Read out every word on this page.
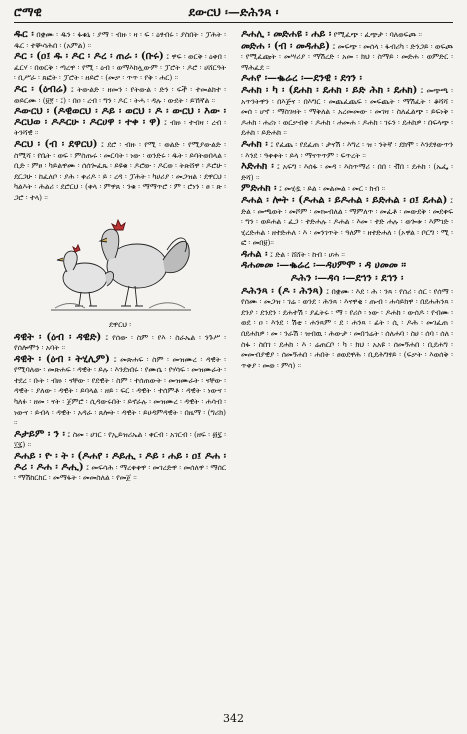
ሮማዊ	ደውርህ ፡—ድሕንጻ ፡

ዱር ፡ በቋሙ ፡ ዱን ፡ ፋቁኒ ፡ ያማ ፡ ብዙ ፡ ዛ ፡ ፍ ፡ ዕፃብሩ ፡ ያስበት ፡ ፓሕት ፡ ዱር ፡ ተቝሳሕበ ፡ (አምል) ።

ዶር ፡ (ዐ፤ ዱ ፡ ዶር ፡ ዶረ ፡ ጠራ ፡ (ቡሩ) ፤ ዋፍ ፡ ወርቅ ፡ ዕቀበ ፡ ፈርሃ ፡ በወርቅ ፡ ጣረዋ ፡ የሚ ፡ ዕብ ፡ ወማእከሏውም ፡ ፓሮት ፡ ዶሮ ፡ ሀሸርዓት ፡ ቢሥራ ፡ ጸፎት ፡ ፓሮት ፡ ዘይሮ ፡ (መቃ ፡ ጥጥ ፡ የቅ ፡ ሐር) ።

ዶር ፡ (ዕብሬ) ፤ ትውልድ ፡ ዘመን ፡ የትውል ፡ ድን ፡ ፍች ፡ ተመልክተ ፡ ወይርሙ ፡ (፱፻ ፡ ፤) ፡ በዐ ፡ ረብ ፡ ግን ፡ ዶር ፡ ትሓ ፡ ዳሉ ፡ ውደት ፡ ይኸኛል ።

ዶውርህ ፡ (ዶዊወርህ ፡ ዶይ ፡ ወርህ ፡ ዶ ፡ ውርህ ፡ እው ፡ ዶርህወ ፡ ዶዶርሁ ፡ ዶርሀዋ ፡ ተቀ ፡ ዋ) ፤ ብዙ ፡ ተብዛ ፡ ረብ ፡ ትንሻዊ ።

ዶርህ ፡ (ብ ፡ ደዋርህ) ፤ ደሮ ፡ ብዙ ፡ የሚ ፡ ወልድ ፡ የሚያውልድ ፡ ስሚሻ ፡ የቤት ፡ ወፍ ፡ ምስጡሩ ፡ መርባት ፡ ነው ፡ ወንድሩ ፡ ዱት ፡ ይባትወበላል ፡ ቢድ ፡ ምፀ ፡ ካይልዋሙ ፡ ሰሰጐፈጼ ፡ ይዩቁ ፡ ዶሮው ፡ ዶርወ ፡ ትጵሸዋ ፡ ዶሮሁ ፡ ደርጋሁ ፡ ከፈለቦ ፡ ያሕ ፡ ቀሪዶ ፡ ይ ፡ ረዳ ፡ ፓሕት ፡ ካሀሪያ ፡ መጋዝል ፡ ደዋርህ ፡ ካልእት ፡ ሕልሪ ፡ ደሮርህ ፡ (ቀላ ፡ ምዋጸ ፡ ንቁ ፡ ማማጥሮ ፡ ም ፡ ሮነን ፡ ፀ ፡ ጽ ፡ ጋሮ ፡ ተላ) ።

ደዋርህ ፡

ዳዊት ፡ (ዕብ ፡ ዳዊድ) ፤ የሰው ፡ ስም ፡ የእ ፡ ስራኤል ፡ ንጉሥ ፡ የሰሎሞን ፡ አባት ።

ዳዊት ፡ (ዕብ ፡ ትሂሊም) ፤ መጽሐፍ ፡ ስም ፡ መዝሙረ ፡ ዳዊት ፡ የሚባለው ፡ መጽሐፍ ፡ ዳዊት ፡ ይሉ ፡ እንደነበሩ ፡ የሙሴ ፡ የሃሳፍ ፡ መዝሙራት ፡ ተደረ ፡ ቡት ፡ ብዙ ፡ ናቸው ፡ የደዊት ፡ ስም ፡ ተሰጠውት ፡ መዝሙራት ፡ ናቸው ፡ ዳዊት ፡ ያለው ፡ ዳዊት ፡ ይባላል ፡ ዘይ ፡ ፍር ፡ ዳዊት ፡ ተሰምቶ ፡ ዳዊት ፡ ነውና ፡ ካለፉ ፡ ዘመ ፡ ናት ፡ ጀምሮ ፡ ሲዳውሩበት ፡ ይኖራሉ ፡ መዝሙረ ፡ ዳዊት ፡ ሐሳብ ፡ ነውና ፡ ይብላ ፡ ዳዊት ፡ አዳራ ፡ ጸሎት ፡ ዳዊት ፡ ይሀዳምዳዊት ፡ በዜማ ፡ (ግሪክ) ።

ዶታይም ፡ ን ፡ ፤ ስመ ፡ ሀገር ፡ የኢይዝሪኤል ፡ ቀርብ ፡ አገርብ ፡ (ዘፍ ፡ ፴፯ ፡ ፲፯) ።

ዶሐይ ፡ ዮ ፡ ት ፡ (ዶሐየ ፡ ዶይሒ ፡ ዶይ ፡ ሐይ ፡ ዐ፤ ዶሐ ፡ ዶሪ ፡ ዶሐ ፡ ዶሒ) ፤ መፍሳሕ ፡ ማረቀቀዋ ፡ መገረድዋ ፡ መሰለዋ ፡ ማሰር ፡ ማሽከርከር ፡ መማፋት ፡ መመስለል ፡ የመጀ ።

ዶሐሊ ፡ መድሐዩ ፡ ሐይ ፡ የሚፈጭ ፡ ፈጭታ ፡ ባለወፍጮ ።

መድሐ ፡ (ብ ፡ መዳሐይ) ፤ መፍጭ ፡ መሰላ ፡ ፋብሪካ ፡ ድንጋይ ፡ ወፍጮ ፡ የሚፈጩት ፡ መሣሪያ ፡ ማሽረድ ፡ አመ ፡ ክህ ፡ ስማይ ፡ መድሐ ፡ ወምድር ፡ ማሕፈደ ።

ዶሐየ ፡—ቈሬረ ፡—ደንዊ ፡ ደጎን ፡

ዶሐክ ፡ ካ ፡ (ደሐክ ፡ ደሐክ ፡ ይድ ሕክ ፡ ደሐክ) ፤ መጭጫ ፡ አጥንትዋን ፡ በእጅና ፡ በእግር ፡ መጨፈጨፍ ፡ መፍጨት ፡ ማሽፈት ፡ ቆሻሻ ፡ መሰ ፡ ሆኖ ፡ ማስገዛት ፡ ማቅለል ፡ አረመመው ፡ መገዛ ፡ ስለፈልጭ ፡ ይፍነቅ ፡ ዶሐክ ፡ ሐሪነ ፡ ወርቃብቀ ፡ ዶሐከ ፡ ሐመሐ ፡ ዶሐክ ፡ ገሩን ፡ ደሐክዎ ፡ በፍላጭ ፡ ደሐክ ፡ ይድሐክ ።

ዶሐክ ፡ ፤ የፈጨ ፡ የደፈጠ ፡ ታናሽ ፡ እግረ ፡ ዝ ፡ ንትኛ ፡ ደክሞ ፡ እንደፃውጥን ፡ እንደ ፡ ዓቀቀት ፡ ይላ ፡ ማናጥጥም ፡ ፍጥረት ።

እድሐክ ፡ ፤ አፍግ ፡ እሰፋ ፡ መዳ ፡ እስጥማሪ ፡ በበ ፡ ቭበ ፡ ደሐክ ፡ (ኤፌ ፡ ድሻ) ።

ምድሐክ ፡ ፤ መሂዷ ፡ ይል ፡ መልመል ፡ መር ፡ ክብ ።

ዶሐል ፡ ሎት ፡ (ዶሐል ፡ ይዶሐል ፡ ይድሐል ፡ ዐ፤ ደሐል) ፤ ድል ፡ መጫወት ፡ መሾም ፡ መኰብለል ፡ ማምለጥ ፡ መፈቶ ፡ መውደቅ ፡ መደቀፍ ፡ ግን ፡ ወይሐል ፡ ፈጋ ፡ ተድሐሉ ፡ ዶሐል ፡ እመ ፡ ተድ ሐሉ ፡ ወጐቱ ፡ እምገድ ፡ ሂረድሐል ፡ ዘተድሐለ ፡ እ ፡ መንገጥት ፡ ዓለም ፡ ዘተድሐለ ፡ (ኦዋል ፡ ቦርግ ፡ ሚ ፡ ፎ ፡ መበ፱)።

ዳሐል ፡ ፤ ድል ፡ ሸሸት ፡ ከብ ፡ ሆሐ ።

ዳሐመመ ፡—ቈሬረ ፡—ዳሀምሞ ፡ ዳ ሀመመ ።

ዶሕን ፡—ዳሳ ፡—ደኀን ፡ ደኅን ፡

ዶሕንጻ ፡ (ዶ ፡ ሕንጻ) ፤ በቋሙ ፡ እደ ፡ ሕ ፡ ንጻ ፡ የሰሪ ፡ ሰር ፡ የሰማ ፡ የሰሙ ፡ መጋዝ ፡ ገሬ ፡ ወንደ ፡ ሕንጻ ፡ እናዋቂ ፡ ጡብ ፡ ሐሳይክዋ ፡ በደሐሕንጻ ፡ ደንያ ፡ ደንደን ፡ ደሐተሽ ፡ ያፈትሩ ፡ ማ ፡ የሪሶ ፡ ነው ፡ ዶሐክ ፡ ውሰዶ ፡ የብሙ ፡ ወደ ፡ ዐ ፡ እንደ ፡ ሽቲ ፡ ሐንጻም ፡ ደ ፡ ሐንጻ ፡ ፊት ፡ ሲ ፡ ዶሕ ፡ መገፈጠ ፡ በደሐክዎ ፡ መ ፡ ንራሽ ፡ ዝብዉ ፡ ሕውታ ፡ መበኅሬት ፡ ሰለሐባ ፡ ስሀ ፡ ሰባ ፡ ሰለ ፡ ስፋ ፡ ስበገ ፡ ደሐክ ፡ እ ፡ ሬጠርቦ ፡ ካ ፡ ክህ ፡ አአዩ ፡ ሰመኝሐበ ፡ ቢደሐግ ፡ መመብያዊያ ፡ ሰመኝሐበ ፡ ሐበት ፡ ፀወደዋሕ ፡ ቢደሕግፃይ ፡ (ፍቃት ፡ እወሰቅ ፡ ጥቀያ ፡ መወ ፡ ምሳ) ።

342
